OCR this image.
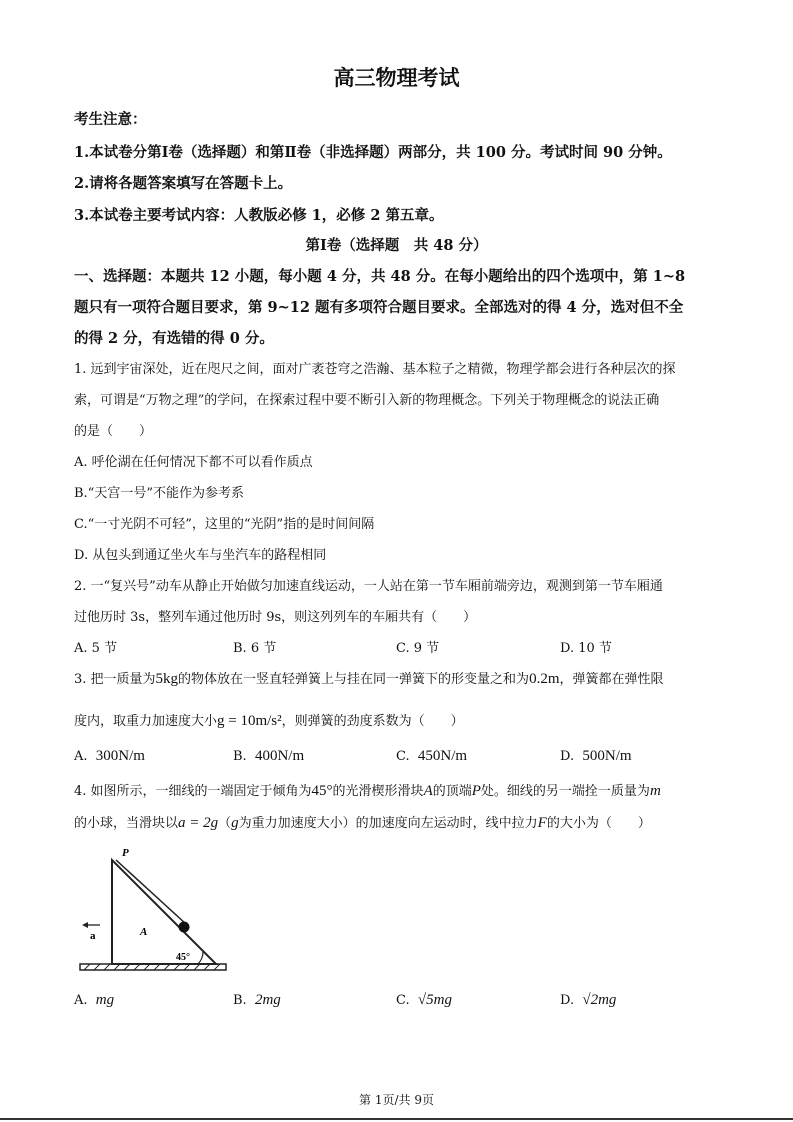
高三物理考试
考生注意：
1.本试卷分第Ⅰ卷（选择题）和第Ⅱ卷（非选择题）两部分，共 100 分。考试时间 90 分钟。
2.请将各题答案填写在答题卡上。
3.本试卷主要考试内容：人教版必修 1，必修 2 第五章。
第Ⅰ卷（选择题　共 48 分）
一、选择题：本题共 12 小题，每小题 4 分，共 48 分。在每小题给出的四个选项中，第 1~8
题只有一项符合题目要求，第 9~12 题有多项符合题目要求。全部选对的得 4 分，选对但不全
的得 2 分，有选错的得 0 分。
1. 远到宇宙深处，近在咫尺之间，面对广袤苍穹之浩瀚、基本粒子之精微，物理学都会进行各种层次的探
索，可谓是“万物之理”的学问，在探索过程中要不断引入新的物理概念。下列关于物理概念的说法正确
的是（　　）
A. 呼伦湖在任何情况下都不可以看作质点
B.“天宫一号”不能作为参考系
C.“一寸光阴不可轻”，这里的“光阴”指的是时间间隔
D. 从包头到通辽坐火车与坐汽车的路程相同
2. 一“复兴号”动车从静止开始做匀加速直线运动，一人站在第一节车厢前端旁边，观测到第一节车厢通
过他历时 3s，整列车通过他历时 9s，则这列列车的车厢共有（　　）
A. 5 节	B. 6 节	C. 9 节	D. 10 节
3. 把一质量为5kg的物体放在一竖直轻弹簧上与挂在同一弹簧下的形变量之和为0.2m，弹簧都在弹性限
度内，取重力加速度大小g = 10m/s²，则弹簧的劲度系数为（　　）
A. 300N/m	B. 400N/m	C. 450N/m	D. 500N/m
4. 如图所示，一细线的一端固定于倾角为45°的光滑楔形滑块A的顶端P处。细线的另一端拴一质量为m
的小球，当滑块以a = 2g（g为重力加速度大小）的加速度向左运动时，线中拉力F的大小为（　　）
a
P
A
45°
A. mg	B. 2mg	C. √5mg	D. √2mg
第 1页/共 9页
